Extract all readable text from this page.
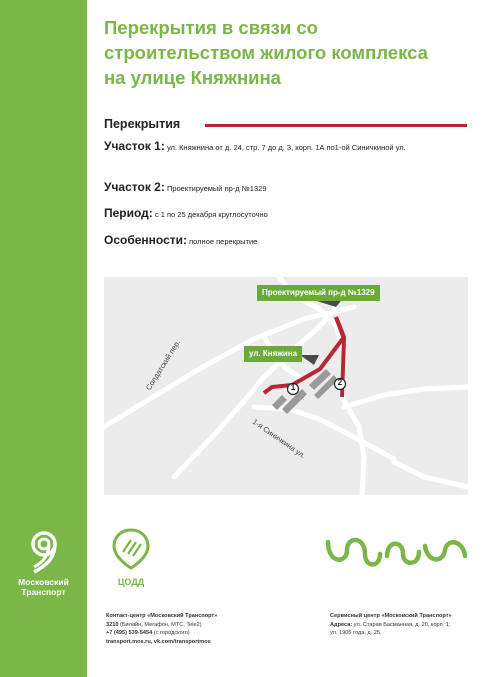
Московский
Транспорт
Перекрытия в связи со
строительством жилого комплекса
на улице Княжнина
Перекрытия
Участок 1: ул. Княжнина от д. 24, стр. 7 до д. 3, корп. 1А по1-ой Синичкиной ул.
Участок 2: Проектируемый пр-д №1329
Период: с 1 по 25 декабря круглосуточно
Особенности: полное перекрытие
Проектируемый пр-д №1329
ул. Княжина
1
2
Солдатский пер.
1-я Синичкина ул.
ЦОДД
Контакт-центр «Московский Транспорт»
3210 (Билайн, Мегафон, МТС, Tele2)
+7 (495) 539-5454 (с городского)
transport.mos.ru, vk.com/transportmos
Сервисный центр «Московский Транспорт»
Адреса: ул. Старая Басманная, д. 20, корп. 1;
ул. 1905 года, д. 25.
